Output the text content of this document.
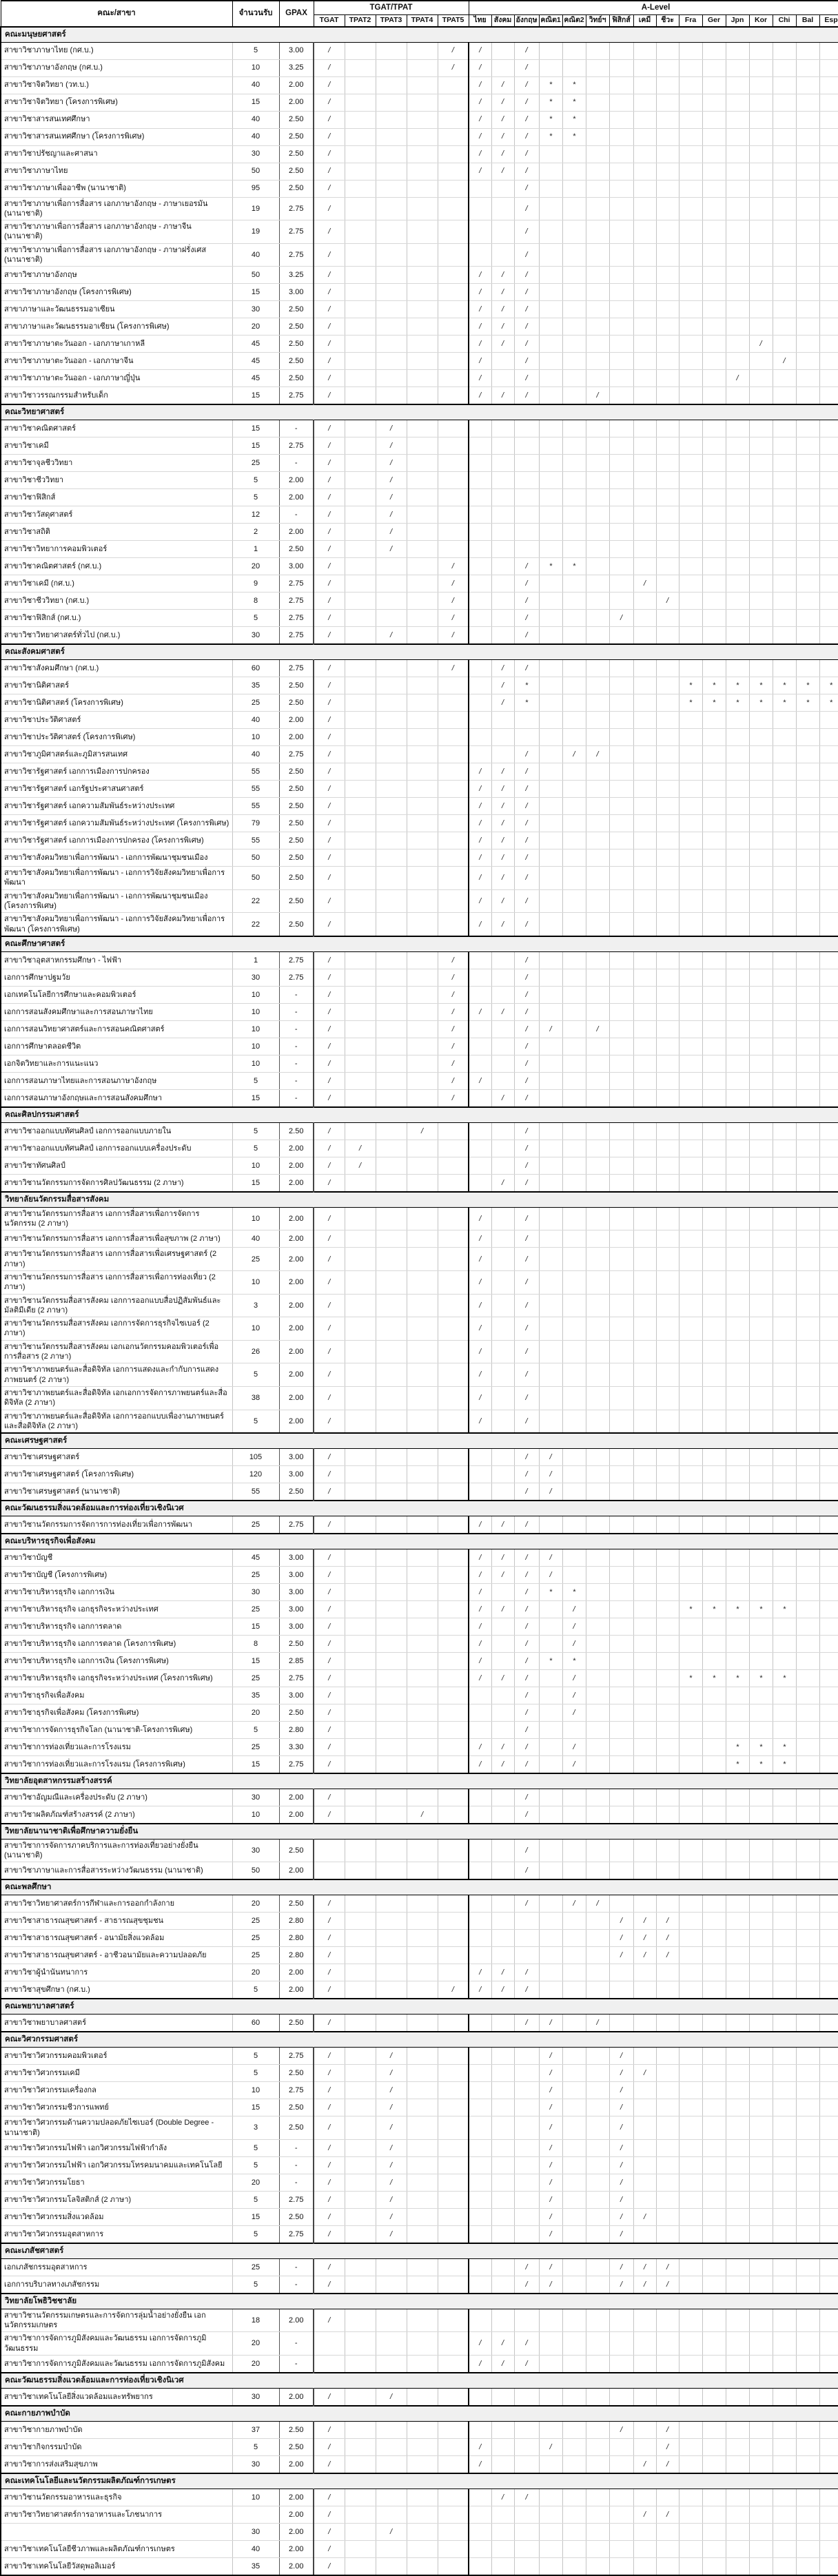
คณะ/สาขา	จำนวนรับ	GPAX	TGAT/TPAT					A-Level															
			TGAT	TPAT2	TPAT3	TPAT4	TPAT5	ไทย	สังคม	อังกฤษ	คณิต1	คณิต2	วิทย์ฯ	ฟิสิกส์	เคมี	ชีวะ	Fra	Ger	Jpn	Kor	Chi	Bal	Esp
คณะมนุษยศาสตร์																							
สาขาวิชาภาษาไทย (กศ.บ.)	5	3.00	/				/	/		/													
สาขาวิชาภาษาอังกฤษ (กศ.บ.)	10	3.25	/				/	/		/													
สาขาวิชาจิตวิทยา (วท.บ.)	40	2.00	/					/	/	/	*	*											
สาขาวิชาจิตวิทยา (โครงการพิเศษ)	15	2.00	/					/	/	/	*	*											
สาขาวิชาสารสนเทศศึกษา	40	2.50	/					/	/	/	*	*											
สาขาวิชาสารสนเทศศึกษา (โครงการพิเศษ)	40	2.50	/					/	/	/	*	*											
สาขาวิชาปรัชญาและศาสนา	30	2.50	/					/	/	/													
สาขาวิชาภาษาไทย	50	2.50	/					/	/	/													
สาขาวิชาภาษาเพื่ออาชีพ (นานาชาติ)	95	2.50	/							/													
สาขาวิชาภาษาเพื่อการสื่อสาร เอกภาษาอังกฤษ - ภาษาเยอรมัน (นานาชาติ)	19	2.75	/							/													
สาขาวิชาภาษาเพื่อการสื่อสาร เอกภาษาอังกฤษ - ภาษาจีน (นานาชาติ)	19	2.75	/							/													
สาขาวิชาภาษาเพื่อการสื่อสาร เอกภาษาอังกฤษ - ภาษาฝรั่งเศส (นานาชาติ)	40	2.75	/							/													
สาขาวิชาภาษาอังกฤษ	50	3.25	/					/	/	/													
สาขาวิชาภาษาอังกฤษ (โครงการพิเศษ)	15	3.00	/					/	/	/													
สาขาภาษาและวัฒนธรรมอาเซียน	30	2.50	/					/	/	/													
สาขาภาษาและวัฒนธรรมอาเซียน (โครงการพิเศษ)	20	2.50	/					/	/	/													
สาขาวิชาภาษาตะวันออก - เอกภาษาเกาหลี	45	2.50	/					/	/	/										/			
สาขาวิชาภาษาตะวันออก - เอกภาษาจีน	45	2.50	/					/		/											/		
สาขาวิชาภาษาตะวันออก - เอกภาษาญี่ปุ่น	45	2.50	/					/		/									/				
สาขาวิชาวรรณกรรมสำหรับเด็ก	15	2.75	/					/	/	/			/										
คณะวิทยาศาสตร์																							
สาขาวิชาคณิตศาสตร์	15	-	/		/																		
สาขาวิชาเคมี	15	2.75	/		/																		
สาขาวิชาจุลชีววิทยา	25	-	/		/																		
สาขาวิชาชีววิทยา	5	2.00	/		/																		
สาขาวิชาฟิสิกส์	5	2.00	/		/																		
สาขาวิชาวัสดุศาสตร์	12	-	/		/																		
สาขาวิชาสถิติ	2	2.00	/		/																		
สาขาวิชาวิทยาการคอมพิวเตอร์	1	2.50	/		/																		
สาขาวิชาคณิตศาสตร์ (กศ.บ.)	20	3.00	/				/			/	*	*											
สาขาวิชาเคมี (กศ.บ.)	9	2.75	/				/			/					/								
สาขาวิชาชีววิทยา (กศ.บ.)	8	2.75	/				/			/						/							
สาขาวิชาฟิสิกส์ (กศ.บ.)	5	2.75	/				/			/				/									
สาขาวิชาวิทยาศาสตร์ทั่วไป (กศ.บ.)	30	2.75	/		/		/			/													
คณะสังคมศาสตร์																							
สาขาวิชาสังคมศึกษา (กศ.บ.)	60	2.75	/				/		/	/													
สาขาวิชานิติศาสตร์	35	2.50	/						/	*							*	*	*	*	*	*	*
สาขาวิชานิติศาสตร์ (โครงการพิเศษ)	25	2.50	/						/	*							*	*	*	*	*	*	*
สาขาวิชาประวัติศาสตร์	40	2.00	/																				
สาขาวิชาประวัติศาสตร์ (โครงการพิเศษ)	10	2.00	/																				
สาขาวิชาภูมิศาสตร์และภูมิสารสนเทศ	40	2.75	/							/		/	/										
สาขาวิชารัฐศาสตร์ เอกการเมืองการปกครอง	55	2.50	/					/	/	/													
สาขาวิชารัฐศาสตร์ เอกรัฐประศาสนศาสตร์	55	2.50	/					/	/	/													
สาขาวิชารัฐศาสตร์ เอกความสัมพันธ์ระหว่างประเทศ	55	2.50	/					/	/	/													
สาขาวิชารัฐศาสตร์ เอกความสัมพันธ์ระหว่างประเทศ (โครงการพิเศษ)	79	2.50	/					/	/	/													
สาขาวิชารัฐศาสตร์ เอกการเมืองการปกครอง (โครงการพิเศษ)	55	2.50	/					/	/	/													
สาขาวิชาสังคมวิทยาเพื่อการพัฒนา - เอกการพัฒนาชุมชนเมือง	50	2.50	/					/	/	/													
สาขาวิชาสังคมวิทยาเพื่อการพัฒนา - เอกการวิจัยสังคมวิทยาเพื่อการพัฒนา	50	2.50	/					/	/	/													
สาขาวิชาสังคมวิทยาเพื่อการพัฒนา - เอกการพัฒนาชุมชนเมือง (โครงการพิเศษ)	22	2.50	/					/	/	/													
สาขาวิชาสังคมวิทยาเพื่อการพัฒนา - เอกการวิจัยสังคมวิทยาเพื่อการพัฒนา (โครงการพิเศษ)	22	2.50	/					/	/	/													
คณะศึกษาศาสตร์																							
สาขาวิชาอุตสาหกรรมศึกษา - ไฟฟ้า	1	2.75	/				/			/													
เอกการศึกษาปฐมวัย	30	2.75	/				/			/													
เอกเทคโนโลยีการศึกษาและคอมพิวเตอร์	10	-	/				/			/													
เอกการสอนสังคมศึกษาและการสอนภาษาไทย	10	-	/				/	/	/	/													
เอกการสอนวิทยาศาสตร์และการสอนคณิตศาสตร์	10	-	/				/			/	/		/										
เอกการศึกษาตลอดชีวิต	10	-	/				/			/													
เอกจิตวิทยาและการแนะแนว	10	-	/				/			/													
เอกการสอนภาษาไทยและการสอนภาษาอังกฤษ	5	-	/				/	/		/													
เอกการสอนภาษาอังกฤษและการสอนสังคมศึกษา	15	-	/				/		/	/													
คณะศิลปกรรมศาสตร์																							
สาขาวิชาออกแบบทัศนศิลป์ เอกการออกแบบภายใน	5	2.50	/			/				/													
สาขาวิชาออกแบบทัศนศิลป์ เอกการออกแบบเครื่องประดับ	5	2.00	/	/						/													
สาขาวิชาทัศนศิลป์	10	2.00	/	/						/													
สาขาวิชานวัตกรรมการจัดการศิลปวัฒนธรรม (2 ภาษา)	15	2.00	/						/	/													
วิทยาลัยนวัตกรรมสื่อสารสังคม																							
สาขาวิชานวัตกรรมการสื่อสาร เอกการสื่อสารเพื่อการจัดการนวัตกรรม (2 ภาษา)	10	2.00	/					/		/													
สาขาวิชานวัตกรรมการสื่อสาร เอกการสื่อสารเพื่อสุขภาพ (2 ภาษา)	40	2.00	/					/		/													
สาขาวิชานวัตกรรมการสื่อสาร เอกการสื่อสารเพื่อเศรษฐศาสตร์ (2 ภาษา)	25	2.00	/					/		/													
สาขาวิชานวัตกรรมการสื่อสาร เอกการสื่อสารเพื่อการท่องเที่ยว (2 ภาษา)	10	2.00	/					/		/													
สาขาวิชานวัตกรรมสื่อสารสังคม เอกการออกแบบสื่อปฏิสัมพันธ์และมัลติมีเดีย (2 ภาษา)	3	2.00	/					/		/													
สาขาวิชานวัตกรรมสื่อสารสังคม เอกการจัดการธุรกิจไซเบอร์ (2 ภาษา)	10	2.00	/					/		/													
สาขาวิชานวัตกรรมสื่อสารสังคม เอกเอกนวัตกรรมคอมพิวเตอร์เพื่อการสื่อสาร (2 ภาษา)	26	2.00	/					/		/													
สาขาวิชาภาพยนตร์และสื่อดิจิทัล เอกการแสดงและกำกับการแสดงภาพยนตร์ (2 ภาษา)	5	2.00	/					/		/													
สาขาวิชาภาพยนตร์และสื่อดิจิทัล เอกเอกการจัดการภาพยนตร์และสื่อดิจิทัล (2 ภาษา)	38	2.00	/					/		/													
สาขาวิชาภาพยนตร์และสื่อดิจิทัล เอกการออกแบบเพื่องานภาพยนตร์และสื่อดิจิทัล (2 ภาษา)	5	2.00	/					/		/													
คณะเศรษฐศาสตร์																							
สาขาวิชาเศรษฐศาสตร์	105	3.00	/							/	/												
สาขาวิชาเศรษฐศาสตร์ (โครงการพิเศษ)	120	3.00	/							/	/												
สาขาวิชาเศรษฐศาสตร์ (นานาชาติ)	55	2.50	/							/	/												
คณะวัฒนธรรมสิ่งแวดล้อมและการท่องเที่ยวเชิงนิเวศ																							
สาขาวิชานวัตกรรมการจัดการการท่องเที่ยวเพื่อการพัฒนา	25	2.75	/					/	/	/													
คณะบริหารธุรกิจเพื่อสังคม																							
สาขาวิชาบัญชี	45	3.00	/					/	/	/	/												
สาขาวิชาบัญชี (โครงการพิเศษ)	25	3.00	/					/	/	/	/												
สาขาวิชาบริหารธุรกิจ เอกการเงิน	30	3.00	/					/		/	*	*											
สาขาวิชาบริหารธุรกิจ เอกธุรกิจระหว่างประเทศ	25	3.00	/					/	/	/		/					*	*	*	*	*		
สาขาวิชาบริหารธุรกิจ เอกการตลาด	15	3.00	/					/		/		/											
สาขาวิชาบริหารธุรกิจ เอกการตลาด (โครงการพิเศษ)	8	2.50	/					/		/		/											
สาขาวิชาบริหารธุรกิจ เอกการเงิน (โครงการพิเศษ)	15	2.85	/					/		/	*	*											
สาขาวิชาบริหารธุรกิจ เอกธุรกิจระหว่างประเทศ (โครงการพิเศษ)	25	2.75	/					/	/	/		/					*	*	*	*	*		
สาขาวิชาธุรกิจเพื่อสังคม	35	3.00	/							/		/											
สาขาวิชาธุรกิจเพื่อสังคม (โครงการพิเศษ)	20	2.50	/							/		/											
สาขาวิชาการจัดการธุรกิจโลก (นานาชาติ-โครงการพิเศษ)	5	2.80	/							/													
สาขาวิชาการท่องเที่ยวและการโรงแรม	25	3.30	/					/	/	/		/							*	*	*		
สาขาวิชาการท่องเที่ยวและการโรงแรม (โครงการพิเศษ)	15	2.75	/					/	/	/		/							*	*	*		
วิทยาลัยอุตสาหกรรมสร้างสรรค์																							
สาขาวิชาอัญมณีและเครื่องประดับ (2 ภาษา)	30	2.00	/							/													
สาขาวิชาผลิตภัณฑ์สร้างสรรค์ (2 ภาษา)	10	2.00	/			/				/													
วิทยาลัยนานาชาติเพื่อศึกษาความยั่งยืน																							
สาขาวิชาการจัดการภาคบริการและการท่องเที่ยวอย่างยั่งยืน (นานาชาติ)	30	2.50								/													
สาขาวิชาภาษาและการสื่อสารระหว่างวัฒนธรรม (นานาชาติ)	50	2.00								/													
คณะพลศึกษา																							
สาขาวิชาวิทยาศาสตร์การกีฬาและการออกกำลังกาย	20	2.50	/							/		/	/										
สาขาวิชาสาธารณสุขศาสตร์ - สาธารณสุขชุมชน	25	2.80	/											/	/	/							
สาขาวิชาสาธารณสุขศาสตร์ - อนามัยสิ่งแวดล้อม	25	2.80	/											/	/	/							
สาขาวิชาสาธารณสุขศาสตร์ - อาชีวอนามัยและความปลอดภัย	25	2.80	/											/	/	/							
สาขาวิชาผู้นำนันทนาการ	20	2.00	/					/	/	/													
สาขาวิชาสุขศึกษา (กศ.บ.)	5	2.00	/				/	/	/	/													
คณะพยาบาลศาสตร์																							
สาขาวิชาพยาบาลศาสตร์	60	2.50	/							/	/		/										
คณะวิศวกรรมศาสตร์																							
สาขาวิชาวิศวกรรมคอมพิวเตอร์	5	2.75	/		/						/			/									
สาขาวิชาวิศวกรรมเคมี	5	2.50	/		/						/			/	/								
สาขาวิชาวิศวกรรมเครื่องกล	10	2.75	/		/						/			/									
สาขาวิชาวิศวกรรมชีวการแพทย์	15	2.50	/		/						/			/									
สาขาวิชาวิศวกรรมด้านความปลอดภัยไซเบอร์ (Double Degree - นานาชาติ)	3	2.50	/		/						/			/									
สาขาวิชาวิศวกรรมไฟฟ้า เอกวิศวกรรมไฟฟ้ากำลัง	5	-	/		/						/			/									
สาขาวิชาวิศวกรรมไฟฟ้า เอกวิศวกรรมโทรคมนาคมและเทคโนโลยี	5	-	/		/						/			/									
สาขาวิชาวิศวกรรมโยธา	20	-	/		/						/			/									
สาขาวิชาวิศวกรรมโลจิสติกส์ (2 ภาษา)	5	2.75	/		/						/			/									
สาขาวิชาวิศวกรรมสิ่งแวดล้อม	15	2.50	/		/						/			/	/								
สาขาวิชาวิศวกรรมอุตสาหการ	5	2.75	/		/						/			/									
คณะเภสัชศาสตร์																							
เอกเภสัชกรรมอุตสาหการ	25	-	/							/	/			/	/	/							
เอกการบริบาลทางเภสัชกรรม	5	-	/							/	/			/	/	/							
วิทยาลัยโพธิวิชชาลัย																							
สาขาวิชานวัตกรรมเกษตรและการจัดการลุ่มน้ำอย่างยั่งยืน เอกนวัตกรรมเกษตร	18	2.00	/																				
สาขาวิชาการจัดการภูมิสังคมและวัฒนธรรม เอกการจัดการภูมิวัฒนธรรม	20	-						/	/	/													
สาขาวิชาการจัดการภูมิสังคมและวัฒนธรรม เอกการจัดการภูมิสังคม	20	-						/	/	/													
คณะวัฒนธรรมสิ่งแวดล้อมและการท่องเที่ยวเชิงนิเวศ																							
สาขาวิชาเทคโนโลยีสิ่งแวดล้อมและทรัพยากร	30	2.00	/		/																		
คณะกายภาพบำบัด																							
สาขาวิชากายภาพบำบัด	37	2.50	/											/		/							
สาขาวิชากิจกรรมบำบัด	5	2.50	/					/			/					/							
สาขาวิชาการส่งเสริมสุขภาพ	30	2.00	/					/							/	/							
คณะเทคโนโลยีและนวัตกรรมผลิตภัณฑ์การเกษตร																							
สาขาวิชานวัตกรรมอาหารและธุรกิจ	10	2.00	/						/	/													
สาขาวิชาวิทยาศาสตร์การอาหารและโภชนาการ		2.00	/												/	/							
	30	2.00	/		/																		
สาขาวิชาเทคโนโลยีชีวภาพและผลิตภัณฑ์การเกษตร	40	2.00	/																				
สาขาวิชาเทคโนโลยีวัสดุพอลิเมอร์	35	2.00	/																				
